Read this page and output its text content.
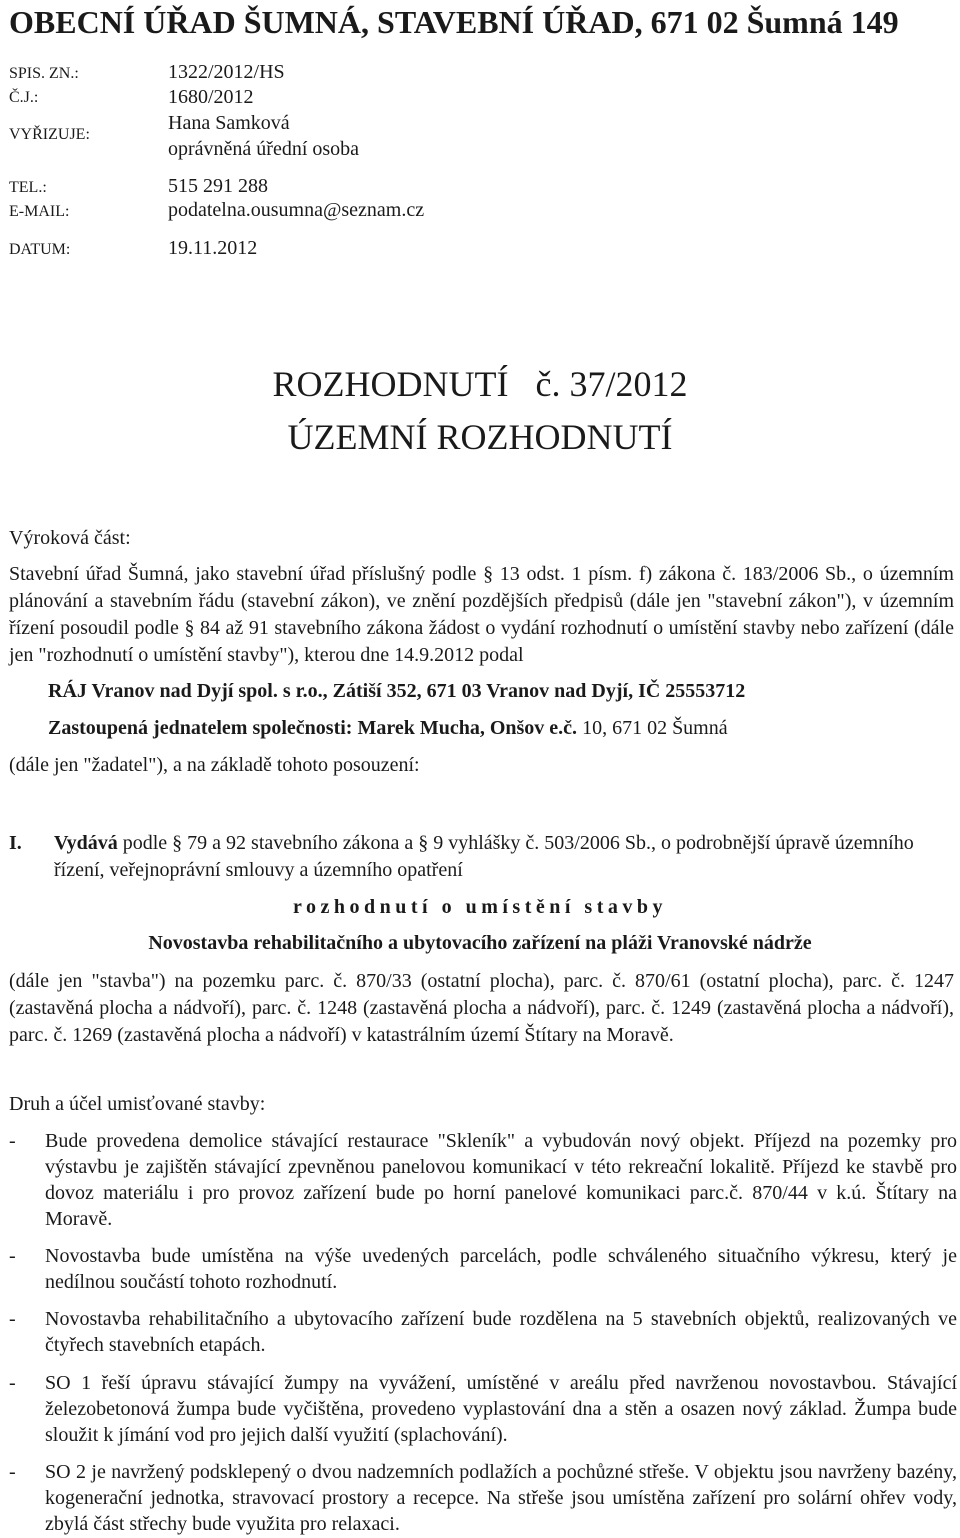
OBECNÍ ÚŘAD ŠUMNÁ, STAVEBNÍ ÚŘAD, 671 02 Šumná 149
SPIS. ZN.:	1322/2012/HS
Č.J.:	1680/2012
VYŘIZUJE:
Hana Samková
oprávněná úřední osoba
TEL.:	515 291 288
E-MAIL:	podatelna.ousumna@seznam.cz
DATUM:	19.11.2012
ROZHODNUTÍ   č. 37/2012
ÚZEMNÍ ROZHODNUTÍ
Výroková část:

Stavební úřad Šumná, jako stavební úřad příslušný podle § 13 odst. 1 písm. f) zákona č. 183/2006 Sb., o územním plánování a stavebním řádu (stavební zákon), ve znění pozdějších předpisů (dále jen "stavební zákon"), v územním řízení posoudil podle § 84 až 91 stavebního zákona žádost o vydání rozhodnutí o umístění stavby nebo zařízení (dále jen "rozhodnutí o umístění stavby"), kterou dne 14.9.2012 podal

RÁJ Vranov nad Dyjí spol. s r.o., Zátiší 352, 671 03 Vranov nad Dyjí, IČ 25553712
Zastoupená jednatelem společnosti: Marek Mucha, Onšov e.č. 10, 671 02 Šumná
(dále jen "žadatel"), a na základě tohoto posouzení:
I. Vydává podle § 79 a 92 stavebního zákona a § 9 vyhlášky č. 503/2006 Sb., o podrobnější úpravě územního řízení, veřejnoprávní smlouvy a územního opatření
rozhodnutí o umístění stavby
Novostavba rehabilitačního a ubytovacího zařízení na pláži Vranovské nádrže

(dále jen "stavba") na pozemku parc. č. 870/33 (ostatní plocha), parc. č. 870/61 (ostatní plocha), parc. č. 1247 (zastavěná plocha a nádvoří), parc. č. 1248 (zastavěná plocha a nádvoří), parc. č. 1249 (zastavěná plocha a nádvoří), parc. č. 1269 (zastavěná plocha a nádvoří) v katastrálním území Štítary na Moravě.

Druh a účel umisťované stavby:
- Bude provedena demolice stávající restaurace "Skleník" a vybudován nový objekt. Příjezd na pozemky pro výstavbu je zajištěn stávající zpevněnou panelovou komunikací v této rekreační lokalitě. Příjezd ke stavbě pro dovoz materiálu i pro provoz zařízení bude po horní panelové komunikaci parc.č. 870/44 v k.ú. Štítary na Moravě.
- Novostavba bude umístěna na výše uvedených parcelách, podle schváleného situačního výkresu, který je nedílnou součástí tohoto rozhodnutí.
- Novostavba rehabilitačního a ubytovacího zařízení bude rozdělena na 5 stavebních objektů, realizovaných ve čtyřech stavebních etapách.
- SO 1 řeší úpravu stávající žumpy na vyvážení, umístěné v areálu před navrženou novostavbou. Stávající železobetonová žumpa bude vyčištěna, provedeno vyplastování dna a stěn a osazen nový základ. Žumpa bude sloužit k jímání vod pro jejich další využití (splachování).
- SO 2 je navržený podsklepený o dvou nadzemních podlažích a pochůzné střeše. V objektu jsou navrženy bazény, kogenerační jednotka, stravovací prostory a recepce. Na střeše jsou umístěna zařízení pro solární ohřev vody, zbylá část střechy bude využita pro relaxaci.
